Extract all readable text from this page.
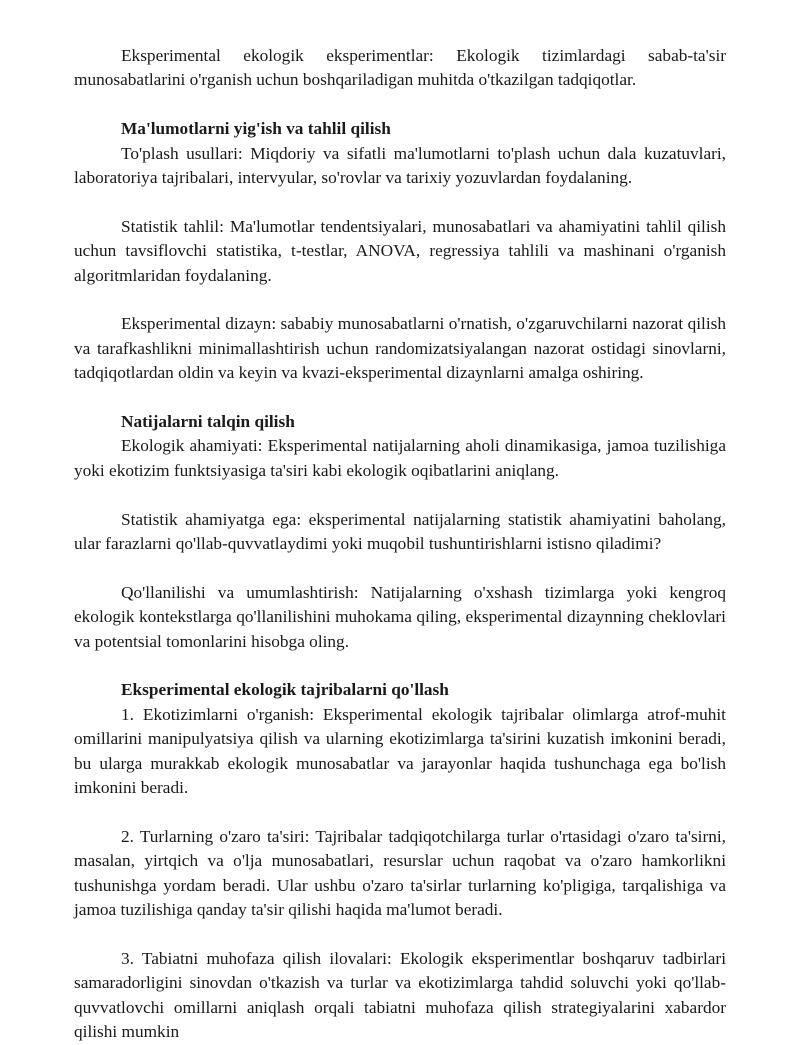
Eksperimental ekologik eksperimentlar: Ekologik tizimlardagi sabab-ta'sir munosabatlarini o'rganish uchun boshqariladigan muhitda o'tkazilgan tadqiqotlar.

Ma'lumotlarni yig'ish va tahlil qilish

To'plash usullari: Miqdoriy va sifatli ma'lumotlarni to'plash uchun dala kuzatuvlari, laboratoriya tajribalari, intervyular, so'rovlar va tarixiy yozuvlardan foydalaning.

Statistik tahlil: Ma'lumotlar tendentsiyalari, munosabatlari va ahamiyatini tahlil qilish uchun tavsiflovchi statistika, t-testlar, ANOVA, regressiya tahlili va mashinani o'rganish algoritmlaridan foydalaning.

Eksperimental dizayn: sababiy munosabatlarni o'rnatish, o'zgaruvchilarni nazorat qilish va tarafkashlikni minimallashtirish uchun randomizatsiyalangan nazorat ostidagi sinovlarni, tadqiqotlardan oldin va keyin va kvazi-eksperimental dizaynlarni amalga oshiring.

Natijalarni talqin qilish

Ekologik ahamiyati: Eksperimental natijalarning aholi dinamikasiga, jamoa tuzilishiga yoki ekotizim funktsiyasiga ta'siri kabi ekologik oqibatlarini aniqlang.

Statistik ahamiyatga ega: eksperimental natijalarning statistik ahamiyatini baholang, ular farazlarni qo'llab-quvvatlaydimi yoki muqobil tushuntirishlarni istisno qiladimi?

Qo'llanilishi va umumlashtirish: Natijalarning o'xshash tizimlarga yoki kengroq ekologik kontekstlarga qo'llanilishini muhokama qiling, eksperimental dizaynning cheklovlari va potentsial tomonlarini hisobga oling.

Eksperimental ekologik tajribalarni qo'llash

1. Ekotizimlarni o'rganish: Eksperimental ekologik tajribalar olimlarga atrof-muhit omillarini manipulyatsiya qilish va ularning ekotizimlarga ta'sirini kuzatish imkonini beradi, bu ularga murakkab ekologik munosabatlar va jarayonlar haqida tushunchaga ega bo'lish imkonini beradi.

2. Turlarning o'zaro ta'siri: Tajribalar tadqiqotchilarga turlar o'rtasidagi o'zaro ta'sirni, masalan, yirtqich va o'lja munosabatlari, resurslar uchun raqobat va o'zaro hamkorlikni tushunishga yordam beradi. Ular ushbu o'zaro ta'sirlar turlarning ko'pligiga, tarqalishiga va jamoa tuzilishiga qanday ta'sir qilishi haqida ma'lumot beradi.

3. Tabiatni muhofaza qilish ilovalari: Ekologik eksperimentlar boshqaruv tadbirlari samaradorligini sinovdan o'tkazish va turlar va ekotizimlarga tahdid soluvchi yoki qo'llab-quvvatlovchi omillarni aniqlash orqali tabiatni muhofaza qilish strategiyalarini xabardor qilishi mumkin
